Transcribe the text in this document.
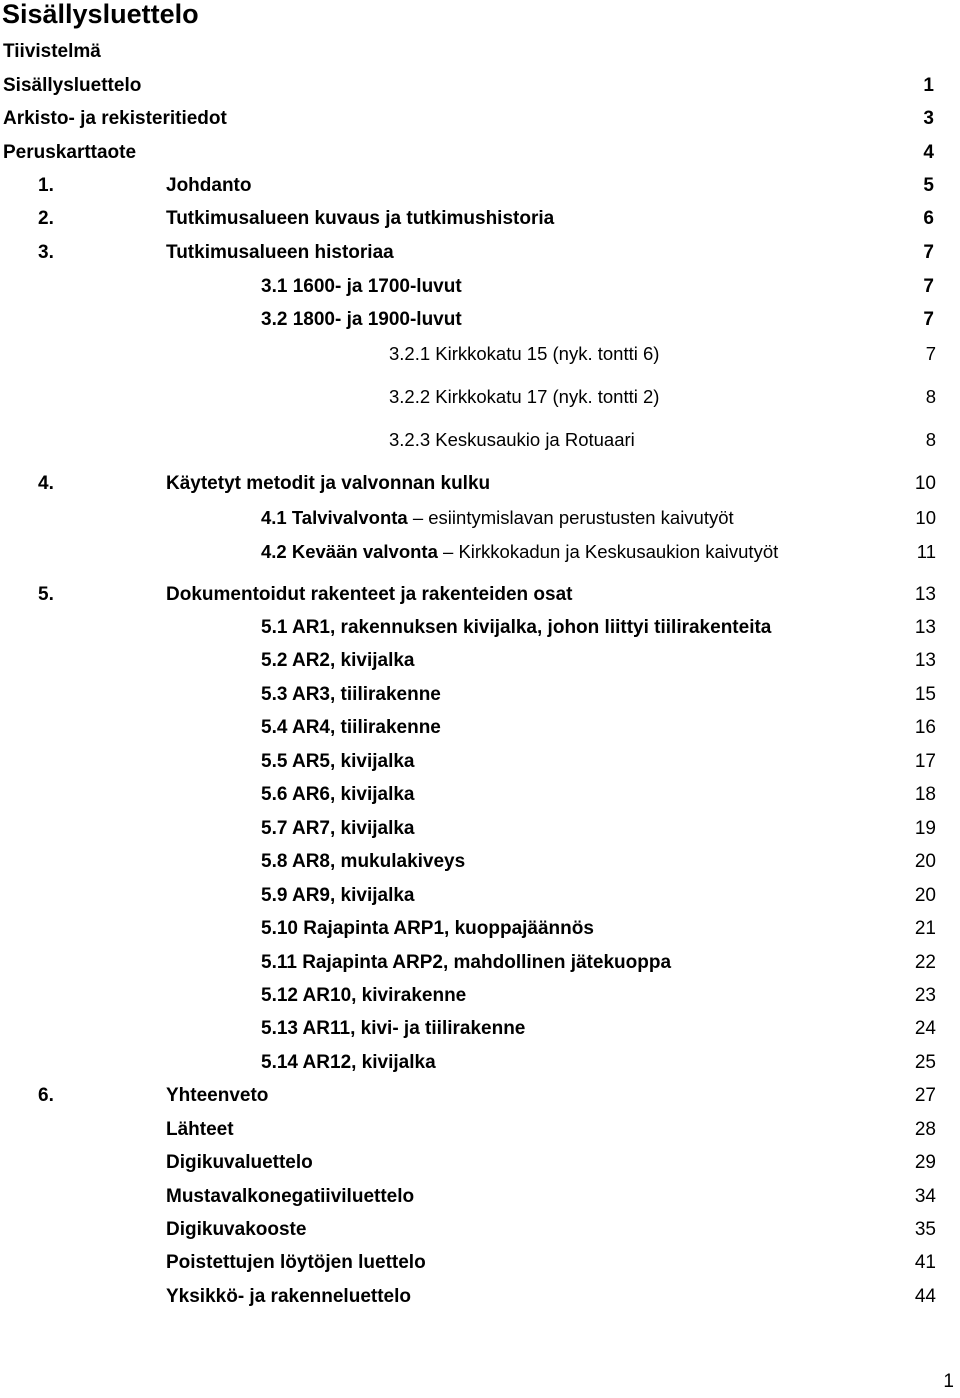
Sisällysluettelo
Tiivistelmä
Sisällysluettelo	1
Arkisto- ja rekisteritiedot	3
Peruskarttaote	4
1.	Johdanto	5
2.	Tutkimusalueen kuvaus ja tutkimushistoria	6
3.	Tutkimusalueen historiaa	7
3.1 1600- ja 1700-luvut	7
3.2 1800- ja 1900-luvut	7
3.2.1 Kirkkokatu 15 (nyk. tontti 6)	7
3.2.2 Kirkkokatu 17 (nyk. tontti 2)	8
3.2.3 Keskusaukio ja Rotuaari	8
4.	Käytetyt metodit ja valvonnan kulku	10
4.1 Talvivalvonta – esiintymislavan perustusten kaivutyöt	10
4.2 Kevään valvonta – Kirkkokadun ja Keskusaukion kaivutyöt	11
5.	Dokumentoidut rakenteet ja rakenteiden osat	13
5.1 AR1, rakennuksen kivijalka, johon liittyi tiilirakenteita	13
5.2 AR2, kivijalka	13
5.3 AR3, tiilirakenne	15
5.4 AR4, tiilirakenne	16
5.5 AR5, kivijalka	17
5.6 AR6, kivijalka	18
5.7 AR7, kivijalka	19
5.8 AR8, mukulakiveys	20
5.9 AR9, kivijalka	20
5.10 Rajapinta ARP1, kuoppajäännös	21
5.11 Rajapinta ARP2, mahdollinen jätekuoppa	22
5.12 AR10, kivirakenne	23
5.13 AR11, kivi- ja tiilirakenne	24
5.14 AR12, kivijalka	25
6.	Yhteenveto	27
Lähteet	28
Digikuvaluettelo	29
Mustavalkonegatiiviluettelo	34
Digikuvakooste	35
Poistettujen löytöjen luettelo	41
Yksikkö- ja rakenneluettelo	44
1
